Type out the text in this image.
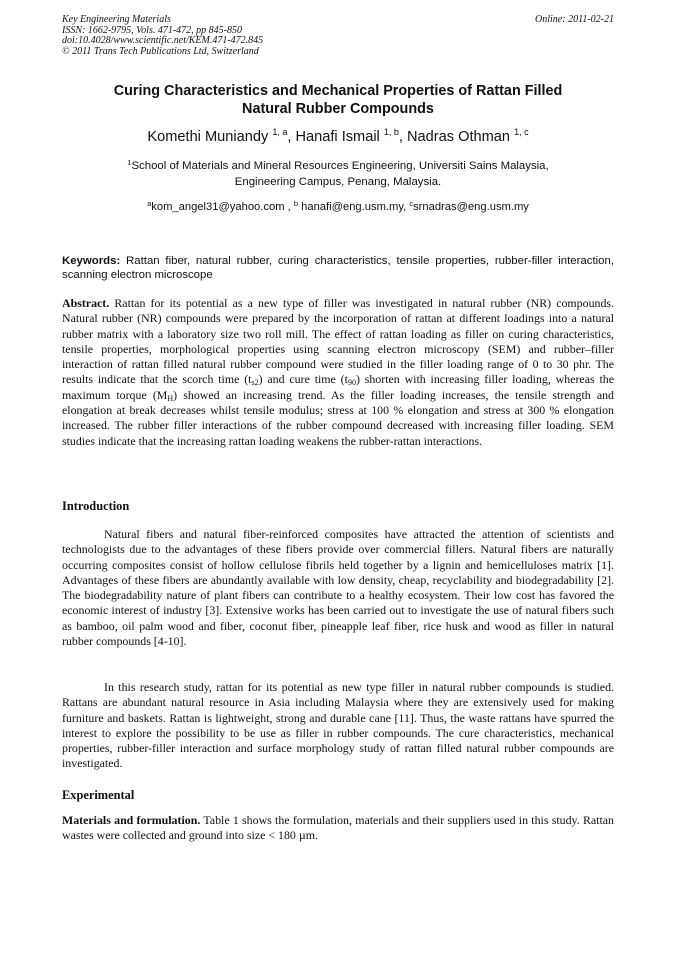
Key Engineering Materials
ISSN: 1662-9795, Vols. 471-472, pp 845-850
doi:10.4028/www.scientific.net/KEM.471-472.845
© 2011 Trans Tech Publications Ltd, Switzerland
Online: 2011-02-21
Curing Characteristics and Mechanical Properties of Rattan Filled
Natural Rubber Compounds
Komethi Muniandy $^{1, a}$, Hanafi Ismail $^{1, b}$, Nadras Othman $^{1, c}$
$^1$School of Materials and Mineral Resources Engineering, Universiti Sains Malaysia,
Engineering Campus, Penang, Malaysia.
$^a$kom_angel31@yahoo.com , $^b$ hanafi@eng.usm.my, $^c$srnadras@eng.usm.my
Keywords: Rattan fiber, natural rubber, curing characteristics, tensile properties, rubber-filler interaction, scanning electron microscope
Abstract. Rattan for its potential as a new type of filler was investigated in natural rubber (NR) compounds. Natural rubber (NR) compounds were prepared by the incorporation of rattan at different loadings into a natural rubber matrix with a laboratory size two roll mill. The effect of rattan loading as filler on curing characteristics, tensile properties, morphological properties using scanning electron microscopy (SEM) and rubber–filler interaction of rattan filled natural rubber compound were studied in the filler loading range of 0 to 30 phr. The results indicate that the scorch time $(t_{s2})$ and cure time $(t_{90})$ shorten with increasing filler loading, whereas the maximum torque $(M_H)$ showed an increasing trend. As the filler loading increases, the tensile strength and elongation at break decreases whilst tensile modulus; stress at 100 % elongation and stress at 300 % elongation increased. The rubber filler interactions of the rubber compound decreased with increasing filler loading. SEM studies indicate that the increasing rattan loading weakens the rubber-rattan interactions.
Introduction
Natural fibers and natural fiber-reinforced composites have attracted the attention of scientists and technologists due to the advantages of these fibers provide over commercial fillers. Natural fibers are naturally occurring composites consist of hollow cellulose fibrils held together by a lignin and hemicelluloses matrix [1]. Advantages of these fibers are abundantly available with low density, cheap, recyclability and biodegradability [2]. The biodegradability nature of plant fibers can contribute to a healthy ecosystem. Their low cost has favored the economic interest of industry [3]. Extensive works has been carried out to investigate the use of natural fibers such as bamboo, oil palm wood and fiber, coconut fiber, pineapple leaf fiber, rice husk and wood as filler in natural rubber compounds [4-10].
In this research study, rattan for its potential as new type filler in natural rubber compounds is studied. Rattans are abundant natural resource in Asia including Malaysia where they are extensively used for making furniture and baskets. Rattan is lightweight, strong and durable cane [11]. Thus, the waste rattans have spurred the interest to explore the possibility to be use as filler in rubber compounds. The cure characteristics, mechanical properties, rubber-filler interaction and surface morphology study of rattan filled natural rubber compounds are investigated.
Experimental
Materials and formulation. Table 1 shows the formulation, materials and their suppliers used in this study. Rattan wastes were collected and ground into size < 180 µm.
